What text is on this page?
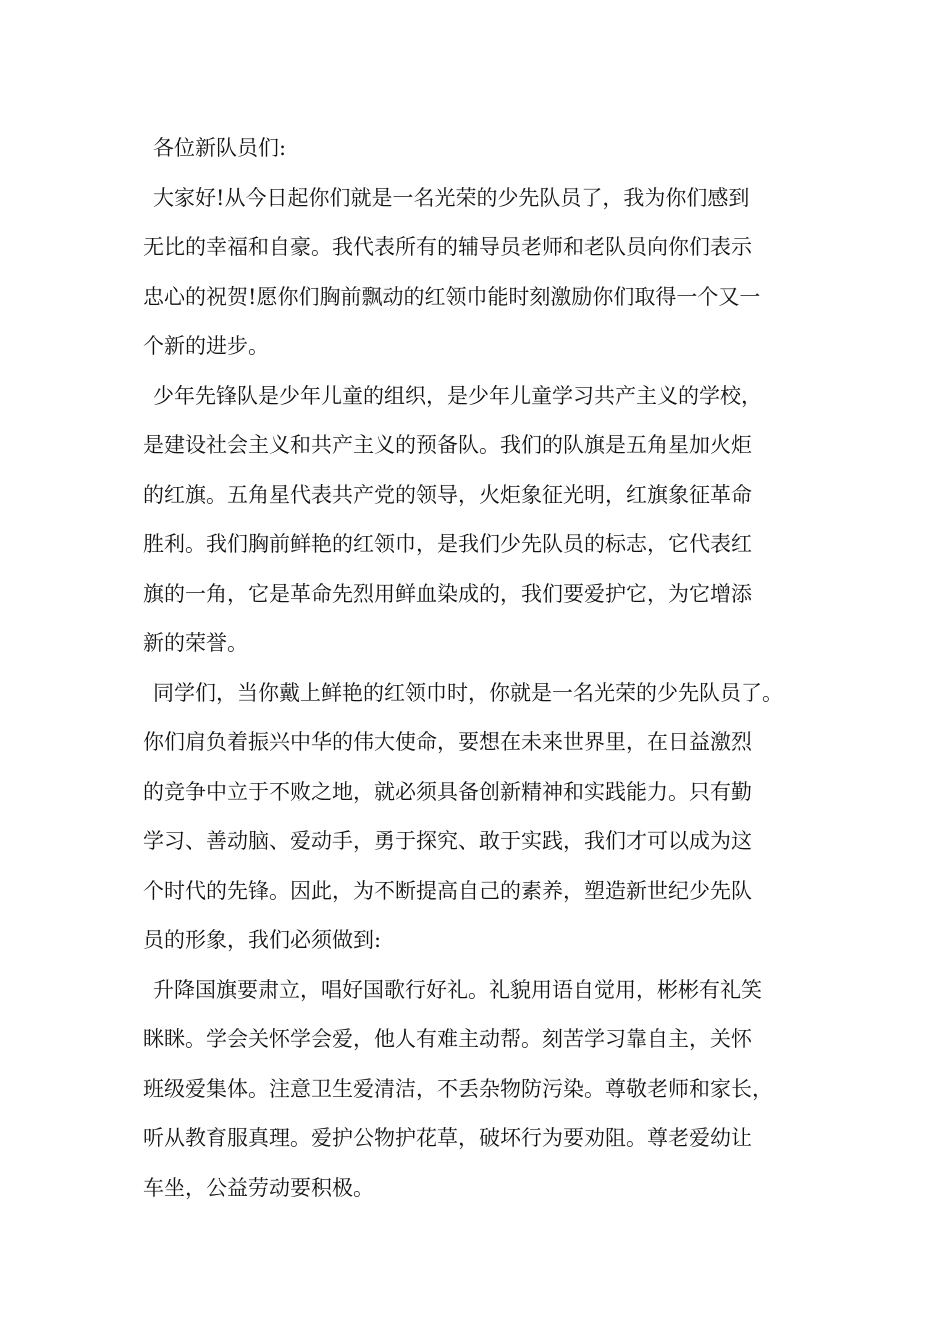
各位新队员们:

大家好!从今日起你们就是一名光荣的少先队员了，我为你们感到
无比的幸福和自豪。我代表所有的辅导员老师和老队员向你们表示
忠心的祝贺!愿你们胸前飘动的红领巾能时刻激励你们取得一个又一
个新的进步。

少年先锋队是少年儿童的组织，是少年儿童学习共产主义的学校，
是建设社会主义和共产主义的预备队。我们的队旗是五角星加火炬
的红旗。五角星代表共产党的领导，火炬象征光明，红旗象征革命
胜利。我们胸前鲜艳的红领巾，是我们少先队员的标志，它代表红
旗的一角，它是革命先烈用鲜血染成的，我们要爱护它，为它增添
新的荣誉。

同学们，当你戴上鲜艳的红领巾时，你就是一名光荣的少先队员了。
你们肩负着振兴中华的伟大使命，要想在未来世界里，在日益激烈
的竞争中立于不败之地，就必须具备创新精神和实践能力。只有勤
学习、善动脑、爱动手，勇于探究、敢于实践，我们才可以成为这
个时代的先锋。因此，为不断提高自己的素养，塑造新世纪少先队
员的形象，我们必须做到:

升降国旗要肃立，唱好国歌行好礼。礼貌用语自觉用，彬彬有礼笑
眯眯。学会关怀学会爱，他人有难主动帮。刻苦学习靠自主，关怀
班级爱集体。注意卫生爱清洁，不丢杂物防污染。尊敬老师和家长，
听从教育服真理。爱护公物护花草，破坏行为要劝阻。尊老爱幼让
车坐，公益劳动要积极。
